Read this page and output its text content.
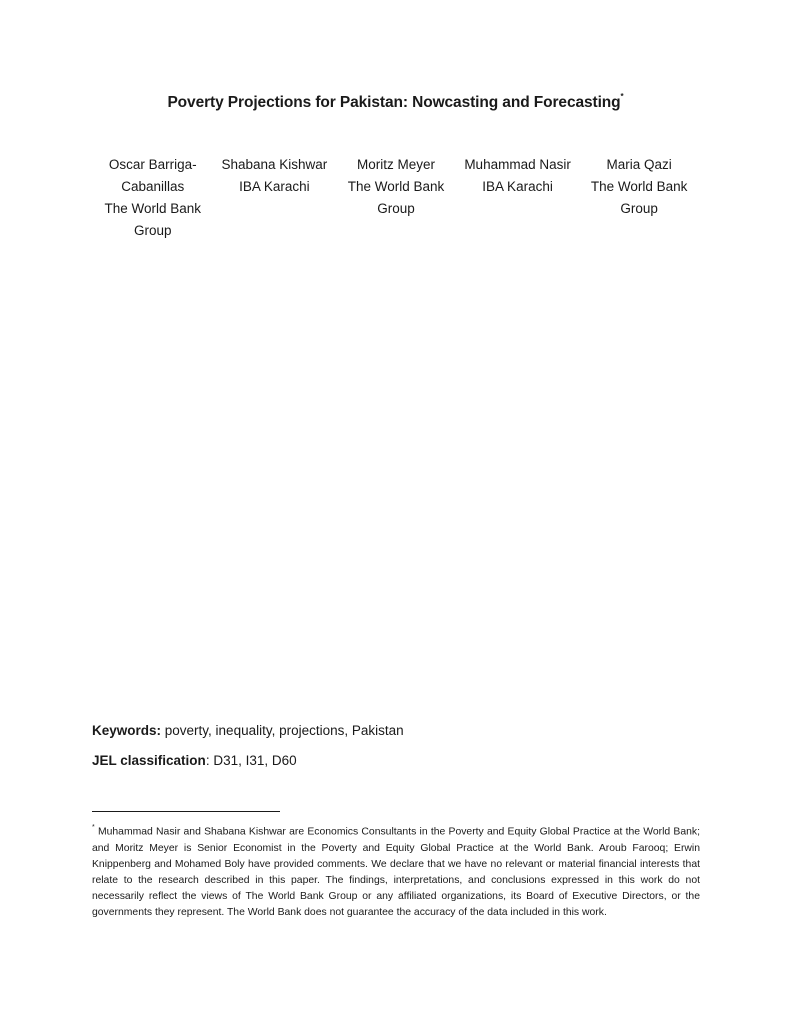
Poverty Projections for Pakistan: Nowcasting and Forecasting*
Oscar Barriga-Cabanillas
The World Bank Group
Shabana Kishwar
IBA Karachi
Moritz Meyer
The World Bank Group
Muhammad Nasir
IBA Karachi
Maria Qazi
The World Bank Group
Keywords: poverty, inequality, projections, Pakistan
JEL classification: D31, I31, D60
* Muhammad Nasir and Shabana Kishwar are Economics Consultants in the Poverty and Equity Global Practice at the World Bank; and Moritz Meyer is Senior Economist in the Poverty and Equity Global Practice at the World Bank. Aroub Farooq; Erwin Knippenberg and Mohamed Boly have provided comments. We declare that we have no relevant or material financial interests that relate to the research described in this paper. The findings, interpretations, and conclusions expressed in this work do not necessarily reflect the views of The World Bank Group or any affiliated organizations, its Board of Executive Directors, or the governments they represent. The World Bank does not guarantee the accuracy of the data included in this work.
